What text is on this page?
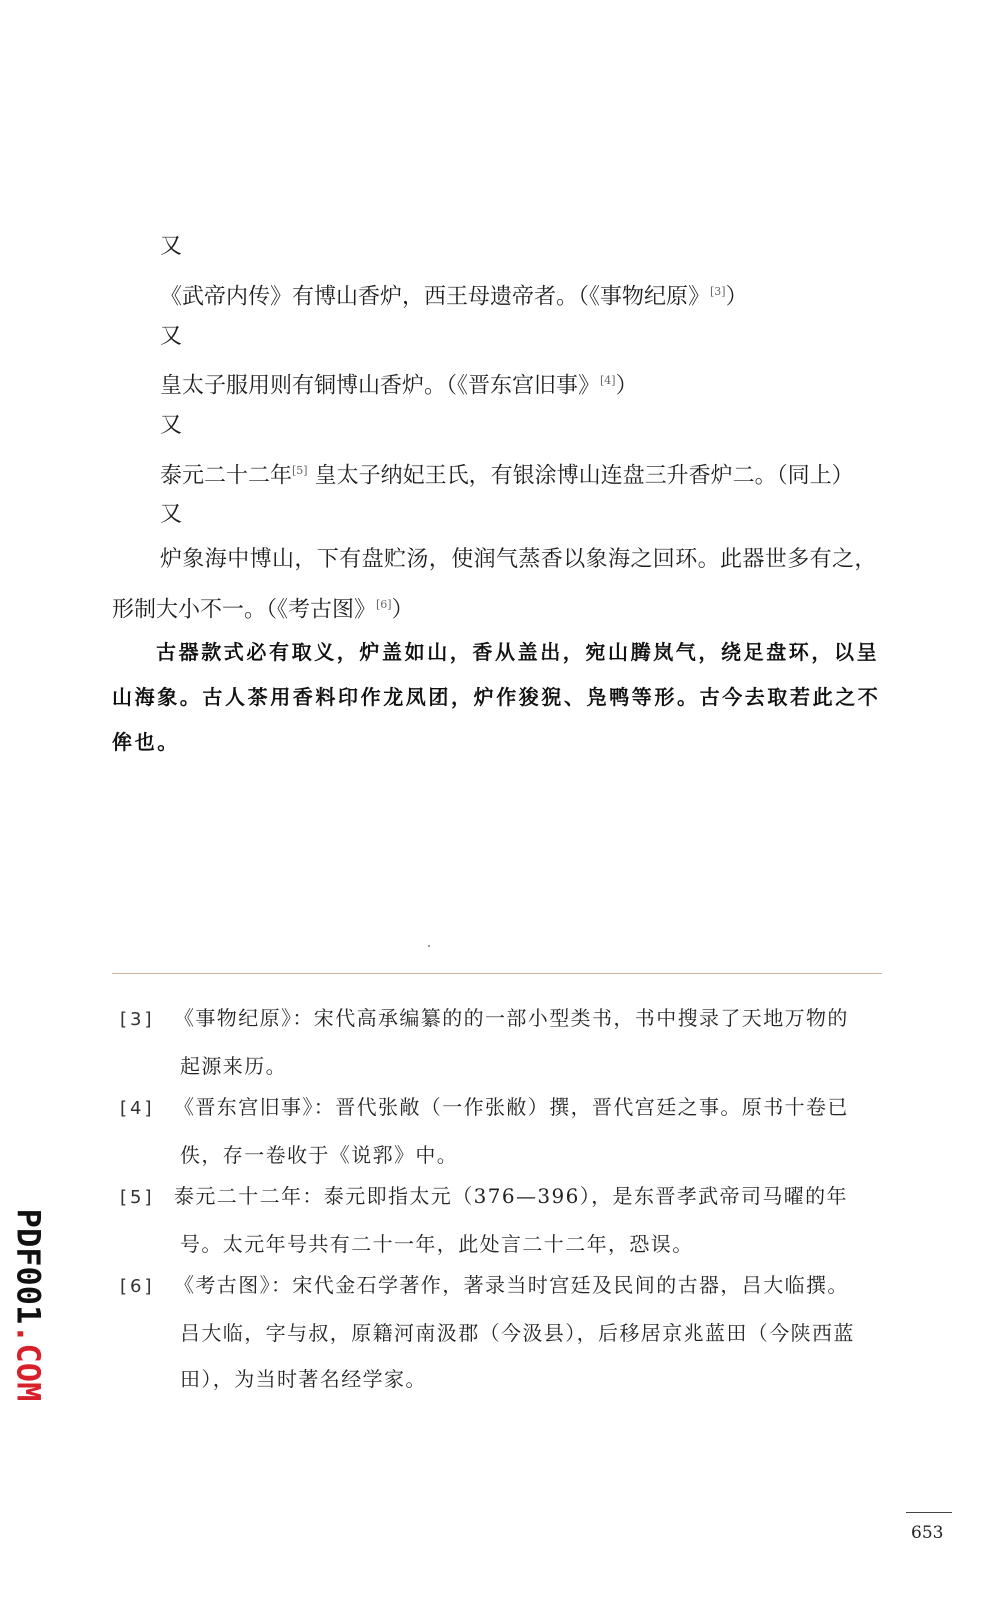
又
《武帝内传》有博山香炉，西王母遗帝者。（《事物纪原》[3]）
又
皇太子服用则有铜博山香炉。（《晋东宫旧事》[4]）
又
泰元二十二年[5] 皇太子纳妃王氏，有银涂博山连盘三升香炉二。（同上）
又
炉象海中博山，下有盘贮汤，使润气蒸香以象海之回环。此器世多有之，
形制大小不一。（《考古图》[6]）
古器款式必有取义，炉盖如山，香从盖出，宛山腾岚气，绕足盘环，以呈山海象。古人茶用香料印作龙凤团，炉作狻猊、凫鸭等形。古今去取若此之不侔也。
[3] 《事物纪原》：宋代高承编纂的的一部小型类书，书中搜录了天地万物的
起源来历。
[4] 《晋东宫旧事》：晋代张敞（一作张敝）撰，晋代宫廷之事。原书十卷已
佚，存一卷收于《说郛》中。
[5] 泰元二十二年：泰元即指太元（376—396），是东晋孝武帝司马曜的年
号。太元年号共有二十一年，此处言二十二年，恐误。
[6] 《考古图》：宋代金石学著作，著录当时宫廷及民间的古器，吕大临撰。
吕大临，字与叔，原籍河南汲郡（今汲县），后移居京兆蓝田（今陕西蓝
田），为当时著名经学家。
PDF001.COM
653
